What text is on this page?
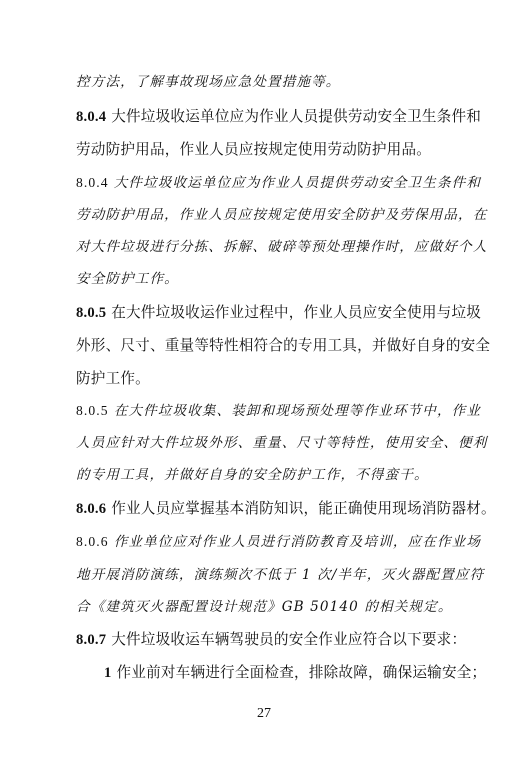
控方法，了解事故现场应急处置措施等。
8.0.4 大件垃圾收运单位应为作业人员提供劳动安全卫生条件和
劳动防护用品，作业人员应按规定使用劳动防护用品。
8.0.4 大件垃圾收运单位应为作业人员提供劳动安全卫生条件和
劳动防护用品，作业人员应按规定使用安全防护及劳保用品，在
对大件垃圾进行分拣、拆解、破碎等预处理操作时，应做好个人
安全防护工作。
8.0.5 在大件垃圾收运作业过程中，作业人员应安全使用与垃圾
外形、尺寸、重量等特性相符合的专用工具，并做好自身的安全
防护工作。
8.0.5 在大件垃圾收集、装卸和现场预处理等作业环节中，作业
人员应针对大件垃圾外形、重量、尺寸等特性，使用安全、便利
的专用工具，并做好自身的安全防护工作，不得蛮干。
8.0.6 作业人员应掌握基本消防知识，能正确使用现场消防器材。
8.0.6 作业单位应对作业人员进行消防教育及培训，应在作业场
地开展消防演练，演练频次不低于 1 次/半年，灭火器配置应符
合《建筑灭火器配置设计规范》GB 50140 的相关规定。
8.0.7 大件垃圾收运车辆驾驶员的安全作业应符合以下要求：
1 作业前对车辆进行全面检查，排除故障，确保运输安全；
27
